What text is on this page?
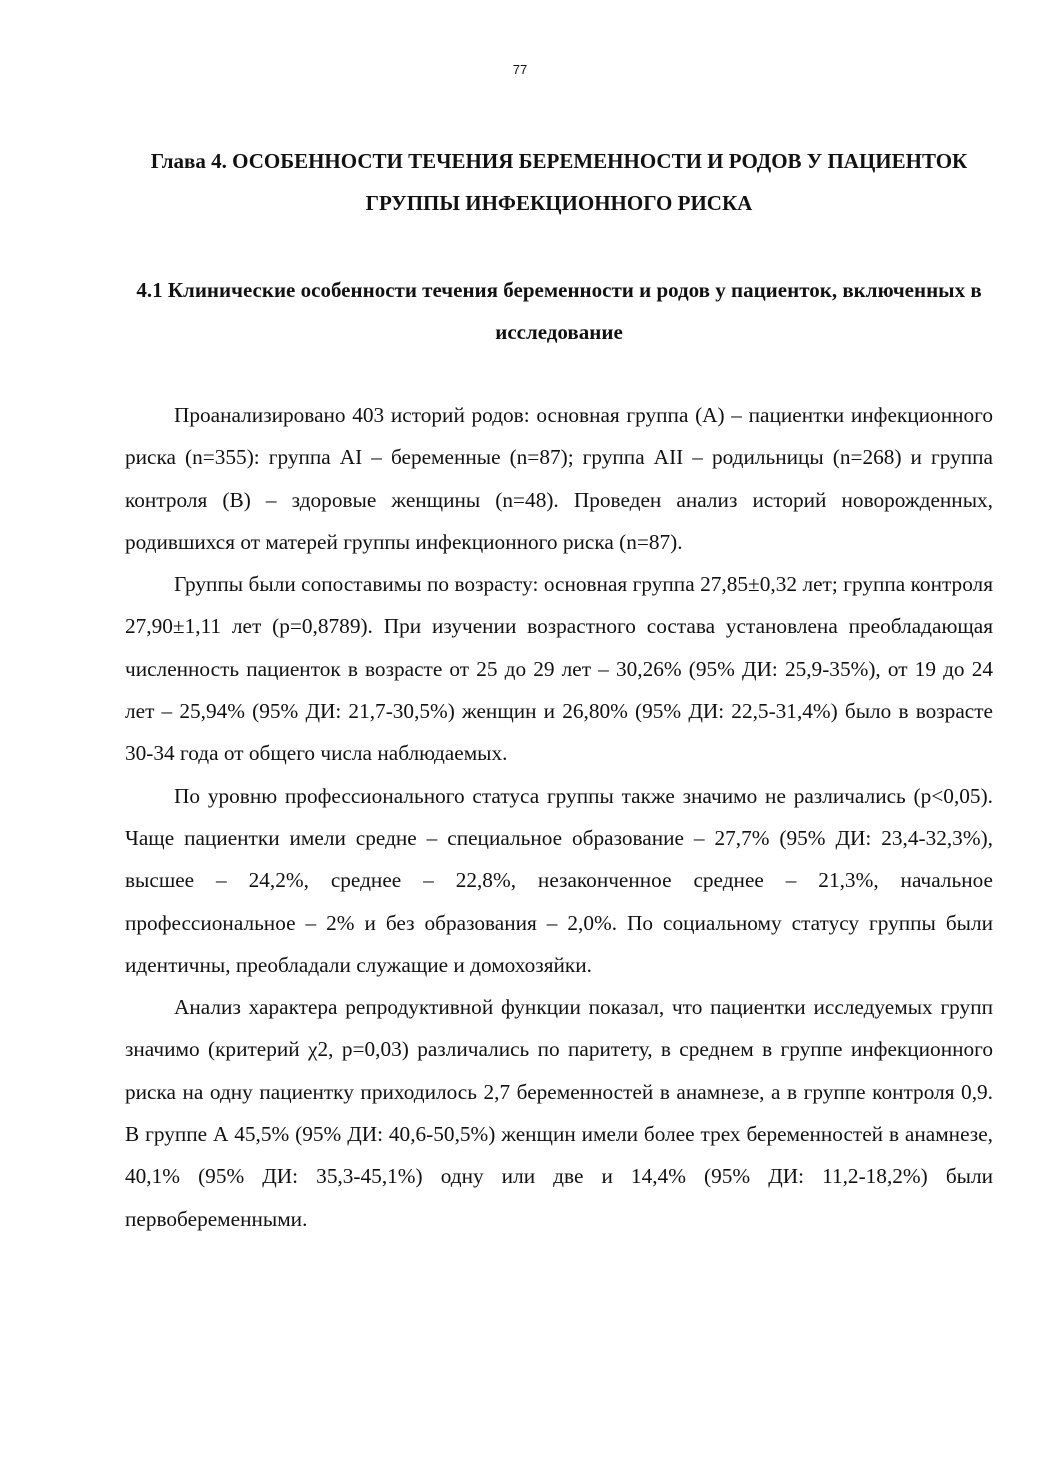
77
Глава 4. ОСОБЕННОСТИ ТЕЧЕНИЯ БЕРЕМЕННОСТИ И РОДОВ У ПАЦИЕНТОК ГРУППЫ ИНФЕКЦИОННОГО РИСКА
4.1 Клинические особенности течения беременности и родов у пациенток, включенных в исследование

Проанализировано 403 историй родов: основная группа (А) – пациентки инфекционного риска (n=355): группа АI – беременные (n=87); группа АII – родильницы (n=268) и группа контроля (В) – здоровые женщины (n=48). Проведен анализ историй новорожденных, родившихся от матерей группы инфекционного риска (n=87).

Группы были сопоставимы по возрасту: основная группа 27,85±0,32 лет; группа контроля 27,90±1,11 лет (р=0,8789). При изучении возрастного состава установлена преобладающая численность пациенток в возрасте от 25 до 29 лет – 30,26% (95% ДИ: 25,9-35%), от 19 до 24 лет – 25,94% (95% ДИ: 21,7-30,5%) женщин и 26,80% (95% ДИ: 22,5-31,4%) было в возрасте 30-34 года от общего числа наблюдаемых.

По уровню профессионального статуса группы также значимо не различались (р<0,05). Чаще пациентки имели средне – специальное образование – 27,7% (95% ДИ: 23,4-32,3%), высшее – 24,2%, среднее – 22,8%, незаконченное среднее – 21,3%, начальное профессиональное – 2% и без образования – 2,0%. По социальному статусу группы были идентичны, преобладали служащие и домохозяйки.

Анализ характера репродуктивной функции показал, что пациентки исследуемых групп значимо (критерий χ2, р=0,03) различались по паритету, в среднем в группе инфекционного риска на одну пациентку приходилось 2,7 беременностей в анамнезе, а в группе контроля 0,9. В группе А 45,5% (95% ДИ: 40,6-50,5%) женщин имели более трех беременностей в анамнезе, 40,1% (95% ДИ: 35,3-45,1%) одну или две и 14,4% (95% ДИ: 11,2-18,2%) были первобеременными.
